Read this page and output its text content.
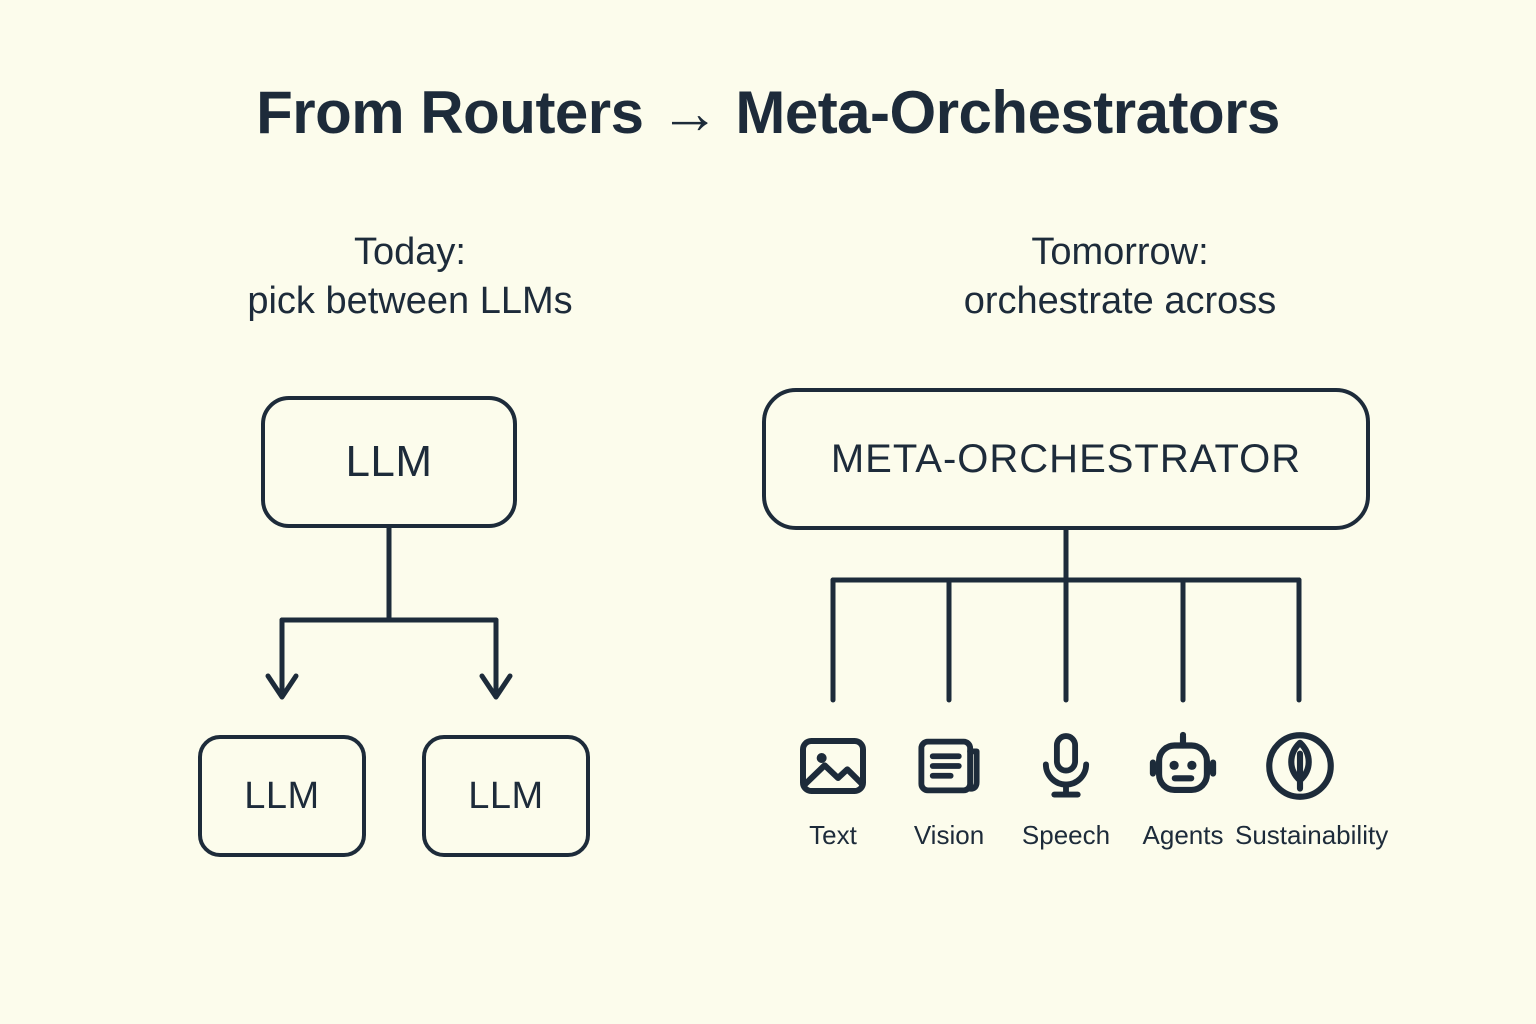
From Routers → Meta-Orchestrators
Today:
pick between LLMs
Tomorrow:
orchestrate across
LLM
LLM	LLM
META-ORCHESTRATOR
Text	Vision	Speech	Agents Sustainability
